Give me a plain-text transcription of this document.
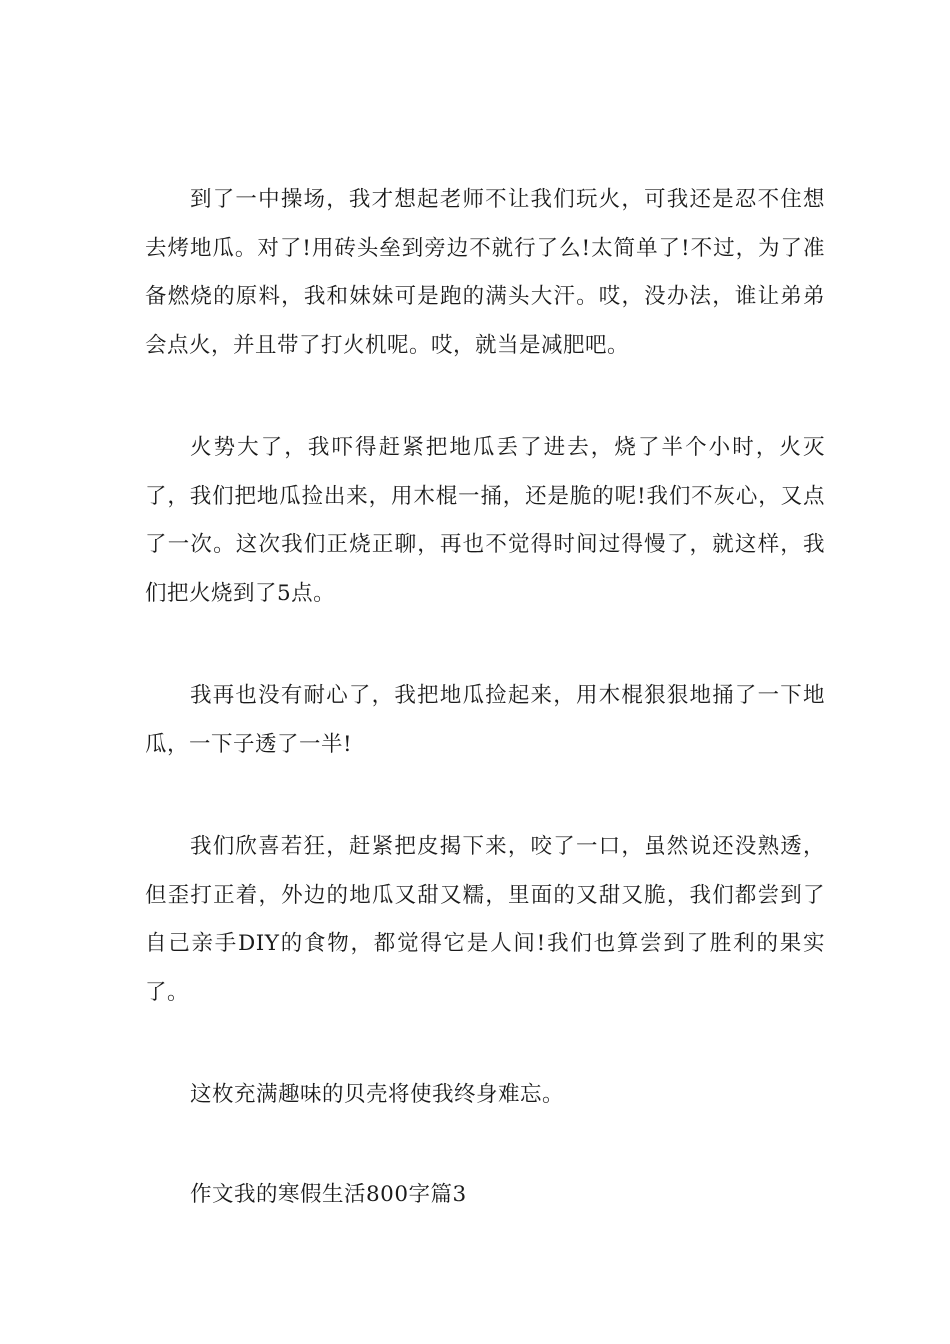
到了一中操场，我才想起老师不让我们玩火，可我还是忍不住想去烤地瓜。对了!用砖头垒到旁边不就行了么!太简单了!不过，为了准备燃烧的原料，我和妹妹可是跑的满头大汗。哎，没办法，谁让弟弟会点火，并且带了打火机呢。哎，就当是减肥吧。

火势大了，我吓得赶紧把地瓜丢了进去，烧了半个小时，火灭了，我们把地瓜捡出来，用木棍一捅，还是脆的呢!我们不灰心，又点了一次。这次我们正烧正聊，再也不觉得时间过得慢了，就这样，我们把火烧到了5点。

我再也没有耐心了，我把地瓜捡起来，用木棍狠狠地捅了一下地瓜，一下子透了一半!

我们欣喜若狂，赶紧把皮揭下来，咬了一口，虽然说还没熟透，但歪打正着，外边的地瓜又甜又糯，里面的又甜又脆，我们都尝到了自己亲手DIY的食物，都觉得它是人间!我们也算尝到了胜利的果实了。

这枚充满趣味的贝壳将使我终身难忘。

作文我的寒假生活800字篇3
